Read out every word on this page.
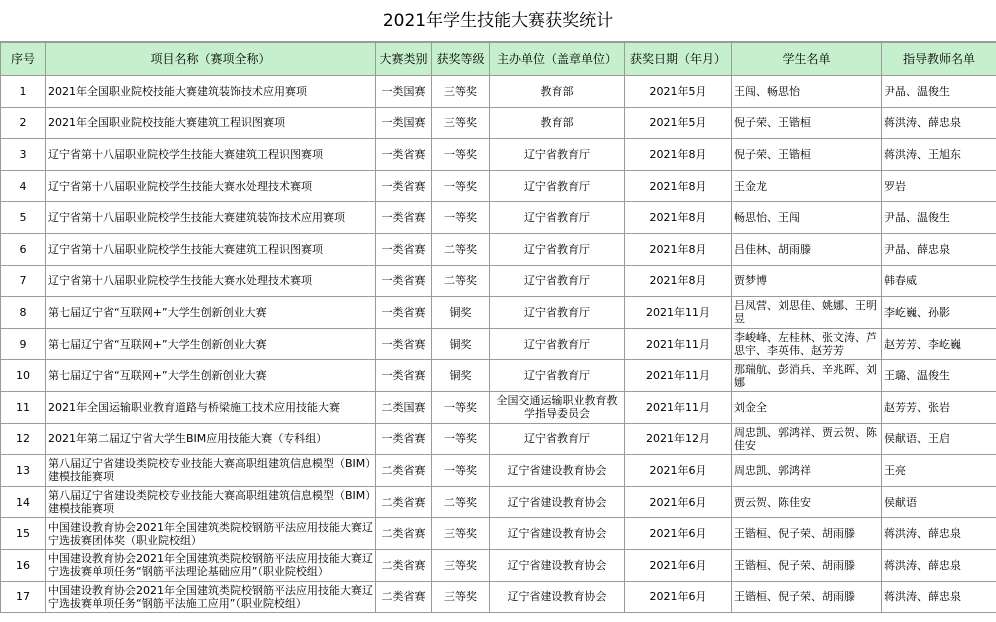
2021年学生技能大赛获奖统计
序号	项目名称（赛项全称）	大赛类别	获奖等级	主办单位（盖章单位）	获奖日期（年月）	学生名单	指导教师名单

1	2021年全国职业院校技能大赛建筑装饰技术应用赛项	一类国赛	三等奖	教育部	2021年5月	王闯、畅思怡	尹晶、温俊生

2	2021年全国职业院校技能大赛建筑工程识图赛项	一类国赛	三等奖	教育部	2021年5月	倪子荣、王锴桓	蒋洪涛、薛忠泉

3	辽宁省第十八届职业院校学生技能大赛建筑工程识图赛项	一类省赛	一等奖	辽宁省教育厅	2021年8月	倪子荣、王锴桓	蒋洪涛、王旭东

4	辽宁省第十八届职业院校学生技能大赛水处理技术赛项	一类省赛	一等奖	辽宁省教育厅	2021年8月	王金龙	罗岩

5	辽宁省第十八届职业院校学生技能大赛建筑装饰技术应用赛项	一类省赛	一等奖	辽宁省教育厅	2021年8月	畅思怡、王闯	尹晶、温俊生

6	辽宁省第十八届职业院校学生技能大赛建筑工程识图赛项	一类省赛	二等奖	辽宁省教育厅	2021年8月	吕佳林、胡雨滕	尹晶、薛忠泉

7	辽宁省第十八届职业院校学生技能大赛水处理技术赛项	一类省赛	二等奖	辽宁省教育厅	2021年8月	贾梦博	韩春威

8	第七届辽宁省“互联网+”大学生创新创业大赛	一类省赛	铜奖	辽宁省教育厅	2021年11月	吕凤营、刘思佳、姚娜、王明昱	李屹巍、孙影

9	第七届辽宁省“互联网+”大学生创新创业大赛	一类省赛	铜奖	辽宁省教育厅	2021年11月	李峻峰、左桂林、张文涛、芦思宇、李英伟、赵芳芳	赵芳芳、李屹巍

10	第七届辽宁省“互联网+”大学生创新创业大赛	一类省赛	铜奖	辽宁省教育厅	2021年11月	那瑞航、彭消兵、辛兆晖、刘娜	王璐、温俊生

11	2021年全国运输职业教育道路与桥梁施工技术应用技能大赛	二类国赛	一等奖	全国交通运输职业教育教学指导委员会	2021年11月	刘金全	赵芳芳、张岩

12	2021年第二届辽宁省大学生BIM应用技能大赛（专科组）	一类省赛	一等奖	辽宁省教育厅	2021年12月	周忠凯、郭鸿祥、贾云贺、陈佳安	侯献语、王启

13	第八届辽宁省建设类院校专业技能大赛高职组建筑信息模型（BIM）建模技能赛项	二类省赛	一等奖	辽宁省建设教育协会	2021年6月	周忠凯、郭鸿祥	王亮

14	第八届辽宁省建设类院校专业技能大赛高职组建筑信息模型（BIM）建模技能赛项	二类省赛	二等奖	辽宁省建设教育协会	2021年6月	贾云贺、陈佳安	侯献语

15	中国建设教育协会2021年全国建筑类院校钢筋平法应用技能大赛辽宁选拔赛团体奖（职业院校组）	二类省赛	三等奖	辽宁省建设教育协会	2021年6月	王锴桓、倪子荣、胡雨滕	蒋洪涛、薛忠泉

16	中国建设教育协会2021年全国建筑类院校钢筋平法应用技能大赛辽宁选拔赛单项任务“钢筋平法理论基础应用”（职业院校组）	二类省赛	三等奖	辽宁省建设教育协会	2021年6月	王锴桓、倪子荣、胡雨滕	蒋洪涛、薛忠泉

17	中国建设教育协会2021年全国建筑类院校钢筋平法应用技能大赛辽宁选拔赛单项任务“钢筋平法施工应用”（职业院校组）	二类省赛	三等奖	辽宁省建设教育协会	2021年6月	王锴桓、倪子荣、胡雨滕	蒋洪涛、薛忠泉
